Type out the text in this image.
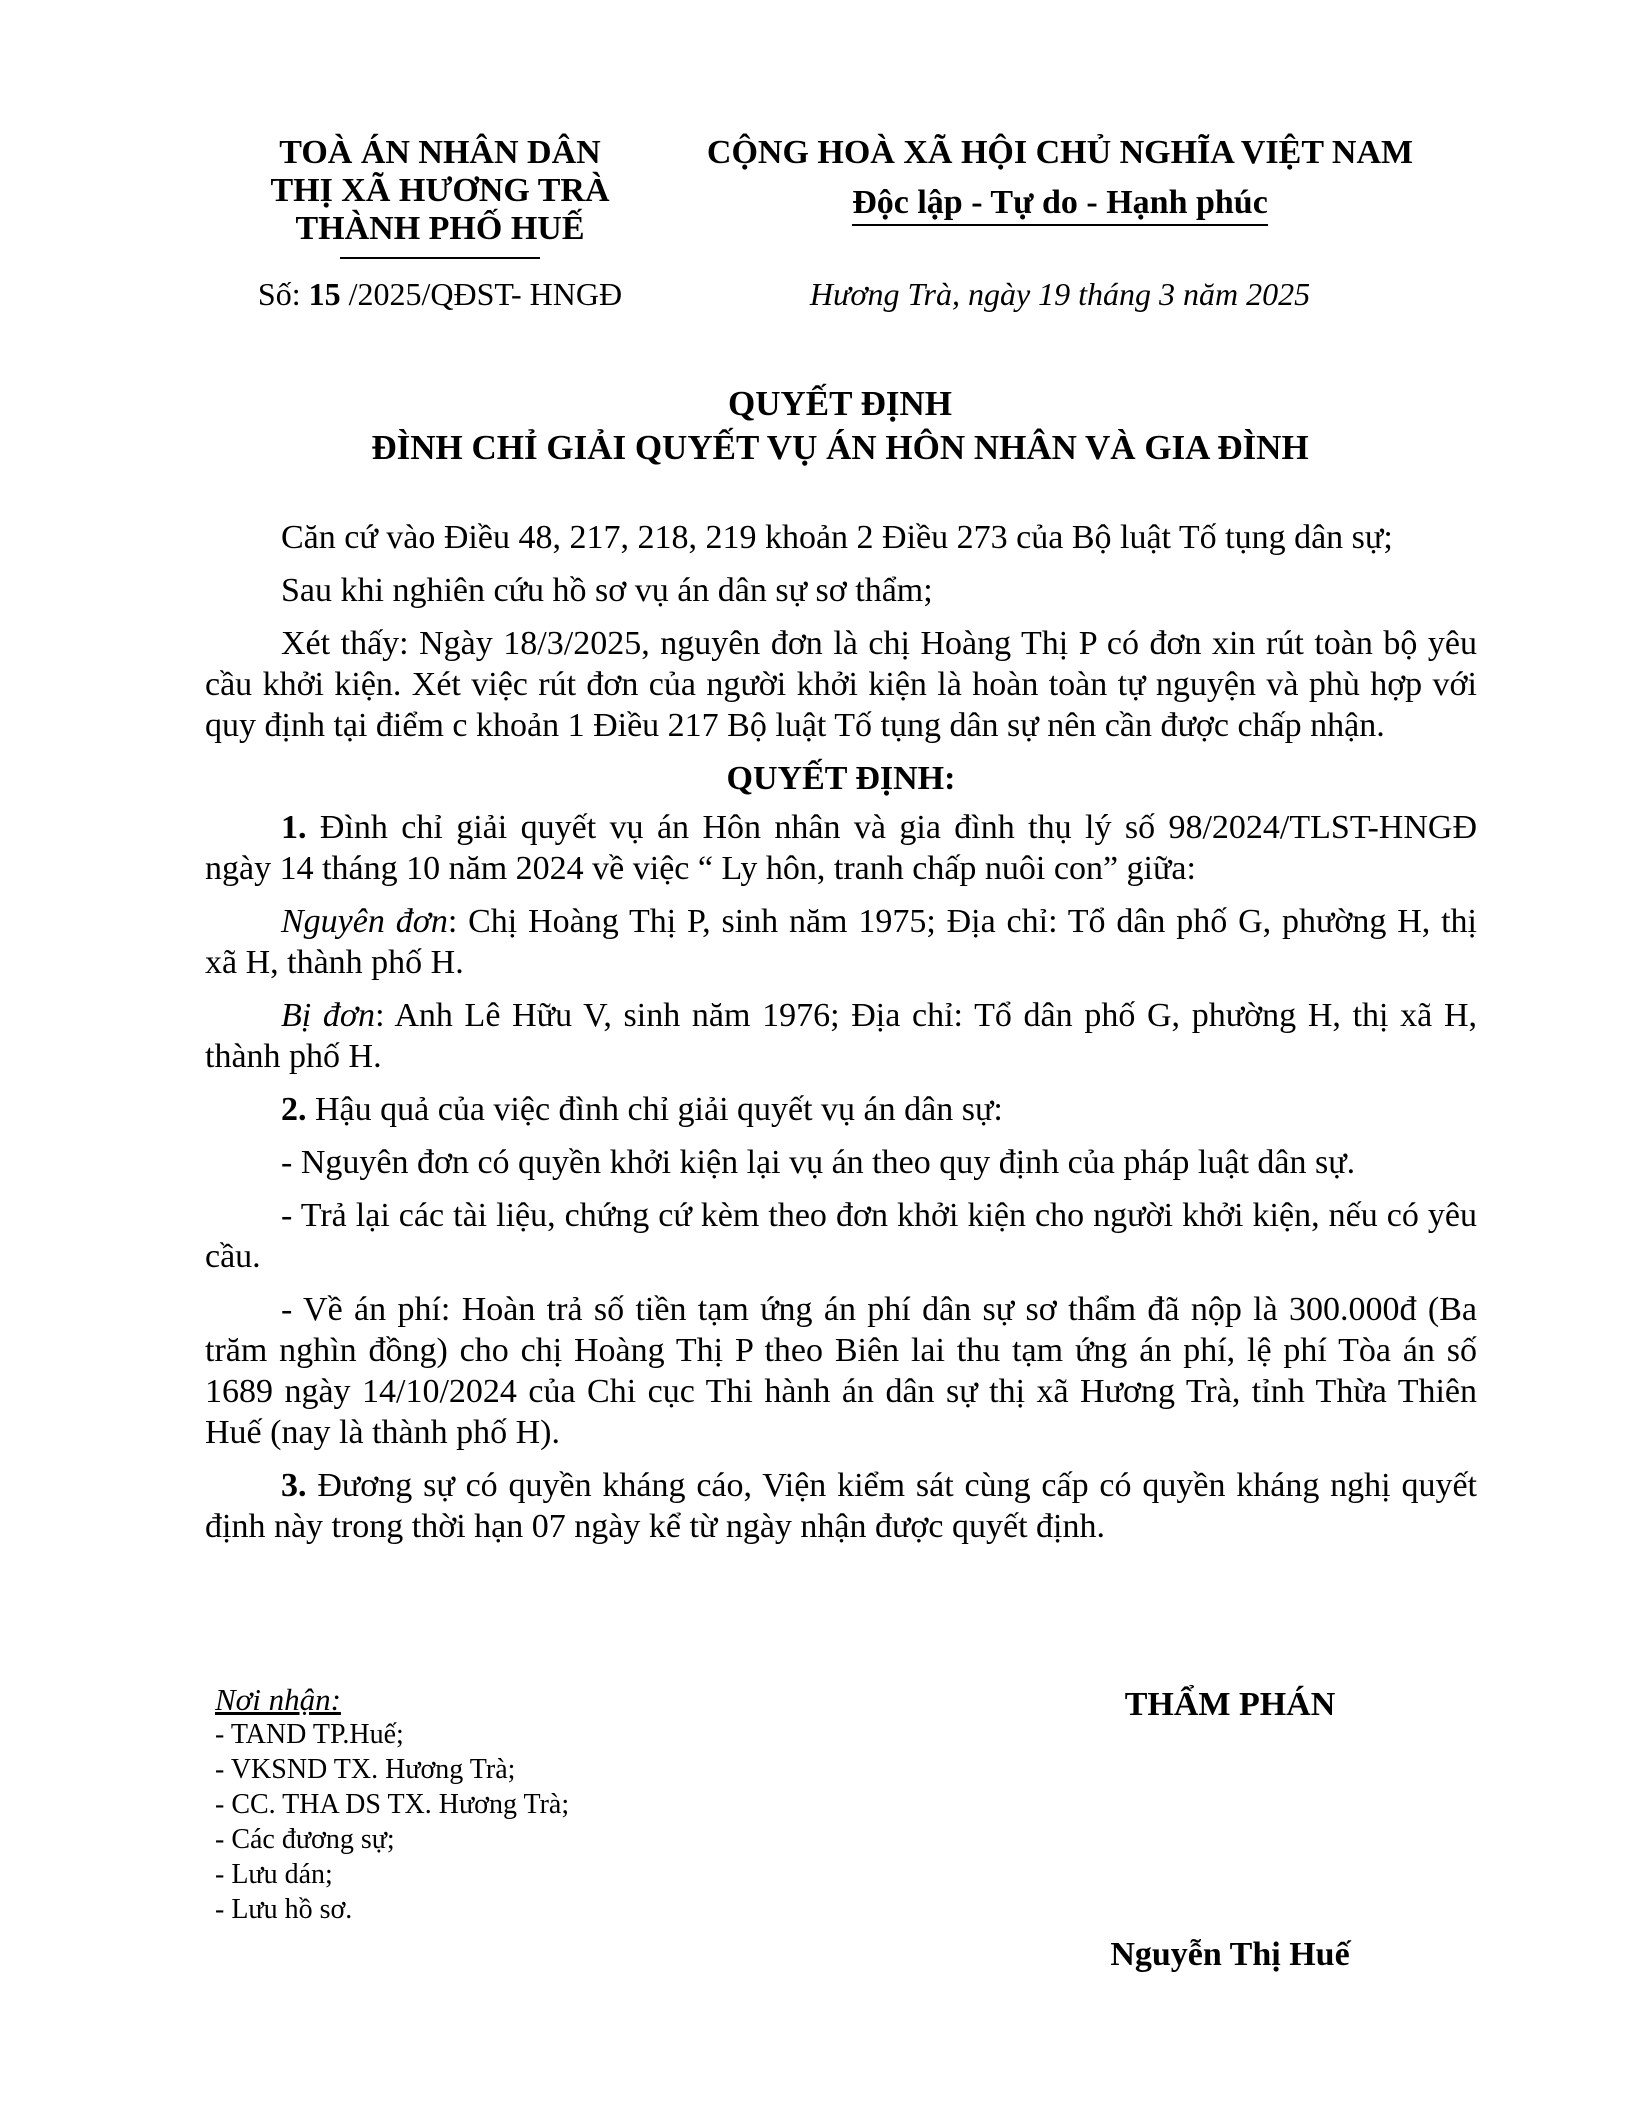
TOÀ ÁN NHÂN DÂN
THỊ XÃ HƯƠNG TRÀ
THÀNH PHỐ HUẾ
CỘNG HOÀ XÃ HỘI CHỦ NGHĨA VIỆT NAM
Độc lập - Tự do - Hạnh phúc
Số: 15 /2025/QĐST- HNGĐ	Hương Trà, ngày 19 tháng 3 năm 2025
QUYẾT ĐỊNH
ĐÌNH CHỈ GIẢI QUYẾT VỤ ÁN HÔN NHÂN VÀ GIA ĐÌNH

Căn cứ vào Điều 48, 217, 218, 219 khoản 2 Điều 273 của Bộ luật Tố tụng dân sự;

Sau khi nghiên cứu hồ sơ vụ án dân sự sơ thẩm;

Xét thấy: Ngày 18/3/2025, nguyên đơn là chị Hoàng Thị P có đơn xin rút toàn bộ yêu cầu khởi kiện. Xét việc rút đơn của người khởi kiện là hoàn toàn tự nguyện và phù hợp với quy định tại điểm c khoản 1 Điều 217 Bộ luật Tố tụng dân sự nên cần được chấp nhận.

QUYẾT ĐỊNH:

1. Đình chỉ giải quyết vụ án Hôn nhân và gia đình thụ lý số 98/2024/TLST-HNGĐ ngày 14 tháng 10 năm 2024 về việc “ Ly hôn, tranh chấp nuôi con” giữa:

Nguyên đơn: Chị Hoàng Thị P, sinh năm 1975; Địa chỉ: Tổ dân phố G, phường H, thị xã H, thành phố H.

Bị đơn: Anh Lê Hữu V, sinh năm 1976; Địa chỉ: Tổ dân phố G, phường H, thị xã H, thành phố H.

2. Hậu quả của việc đình chỉ giải quyết vụ án dân sự:

- Nguyên đơn có quyền khởi kiện lại vụ án theo quy định của pháp luật dân sự.

- Trả lại các tài liệu, chứng cứ kèm theo đơn khởi kiện cho người khởi kiện, nếu có yêu cầu.

- Về án phí: Hoàn trả số tiền tạm ứng án phí dân sự sơ thẩm đã nộp là 300.000đ (Ba trăm nghìn đồng) cho chị Hoàng Thị P theo Biên lai thu tạm ứng án phí, lệ phí Tòa án số 1689 ngày 14/10/2024 của Chi cục Thi hành án dân sự thị xã Hương Trà, tỉnh Thừa Thiên Huế (nay là thành phố H).

3. Đương sự có quyền kháng cáo, Viện kiểm sát cùng cấp có quyền kháng nghị quyết định này trong thời hạn 07 ngày kể từ ngày nhận được quyết định.

Nơi nhận:
- TAND TP.Huế;
- VKSND TX. Hương Trà;
- CC. THA DS TX. Hương Trà;
- Các đương sự;
- Lưu dán;
- Lưu hồ sơ.
THẨM PHÁN
Nguyễn Thị Huế
